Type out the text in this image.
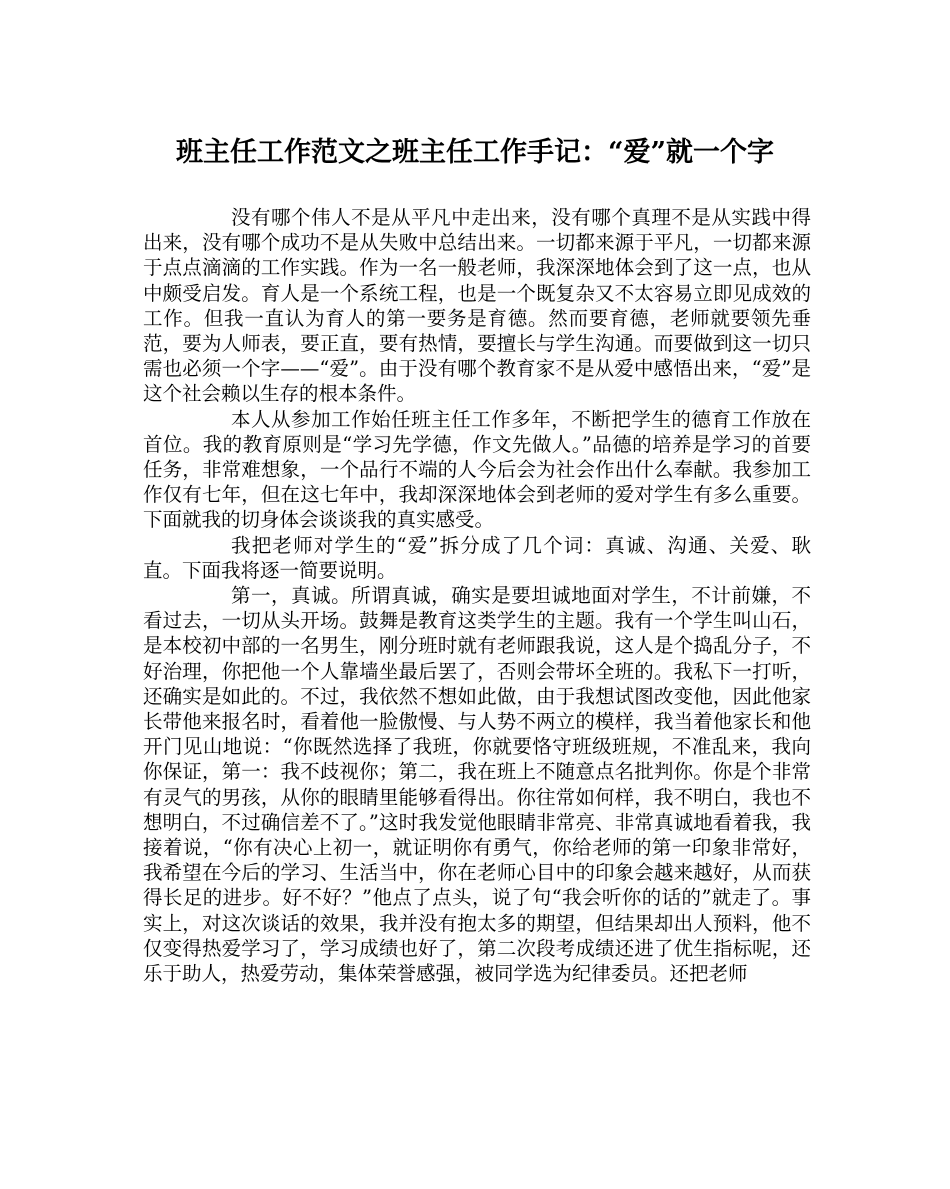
班主任工作范文之班主任工作手记：“爱”就一个字

没有哪个伟人不是从平凡中走出来，没有哪个真理不是从实践中得出来，没有哪个成功不是从失败中总结出来。一切都来源于平凡，一切都来源于点点滴滴的工作实践。作为一名一般老师，我深深地体会到了这一点，也从中颇受启发。育人是一个系统工程，也是一个既复杂又不太容易立即见成效的工作。但我一直认为育人的第一要务是育德。然而要育德，老师就要领先垂范，要为人师表，要正直，要有热情，要擅长与学生沟通。而要做到这一切只需也必须一个字——“爱”。由于没有哪个教育家不是从爱中感悟出来，“爱”是这个社会赖以生存的根本条件。

本人从参加工作始任班主任工作多年，不断把学生的德育工作放在首位。我的教育原则是“学习先学德，作文先做人。”品德的培养是学习的首要任务，非常难想象，一个品行不端的人今后会为社会作出什么奉献。我参加工作仅有七年，但在这七年中，我却深深地体会到老师的爱对学生有多么重要。下面就我的切身体会谈谈我的真实感受。

我把老师对学生的“爱”拆分成了几个词：真诚、沟通、关爱、耿直。下面我将逐一简要说明。

第一，真诚。所谓真诚，确实是要坦诚地面对学生，不计前嫌，不看过去，一切从头开场。鼓舞是教育这类学生的主题。我有一个学生叫山石，是本校初中部的一名男生，刚分班时就有老师跟我说，这人是个捣乱分子，不好治理，你把他一个人靠墙坐最后罢了，否则会带坏全班的。我私下一打听，还确实是如此的。不过，我依然不想如此做，由于我想试图改变他，因此他家长带他来报名时，看着他一脸傲慢、与人势不两立的模样，我当着他家长和他开门见山地说：“你既然选择了我班，你就要恪守班级班规，不准乱来，我向你保证，第一：我不歧视你；第二，我在班上不随意点名批判你。你是个非常有灵气的男孩，从你的眼睛里能够看得出。你往常如何样，我不明白，我也不想明白，不过确信差不了。”这时我发觉他眼睛非常亮、非常真诚地看着我，我接着说，“你有决心上初一，就证明你有勇气，你给老师的第一印象非常好，我希望在今后的学习、生活当中，你在老师心目中的印象会越来越好，从而获得长足的进步。好不好？”他点了点头，说了句“我会听你的话的”就走了。事实上，对这次谈话的效果，我并没有抱太多的期望，但结果却出人预料，他不仅变得热爱学习了，学习成绩也好了，第二次段考成绩还进了优生指标呢，还乐于助人，热爱劳动，集体荣誉感强，被同学选为纪律委员。还把老师
